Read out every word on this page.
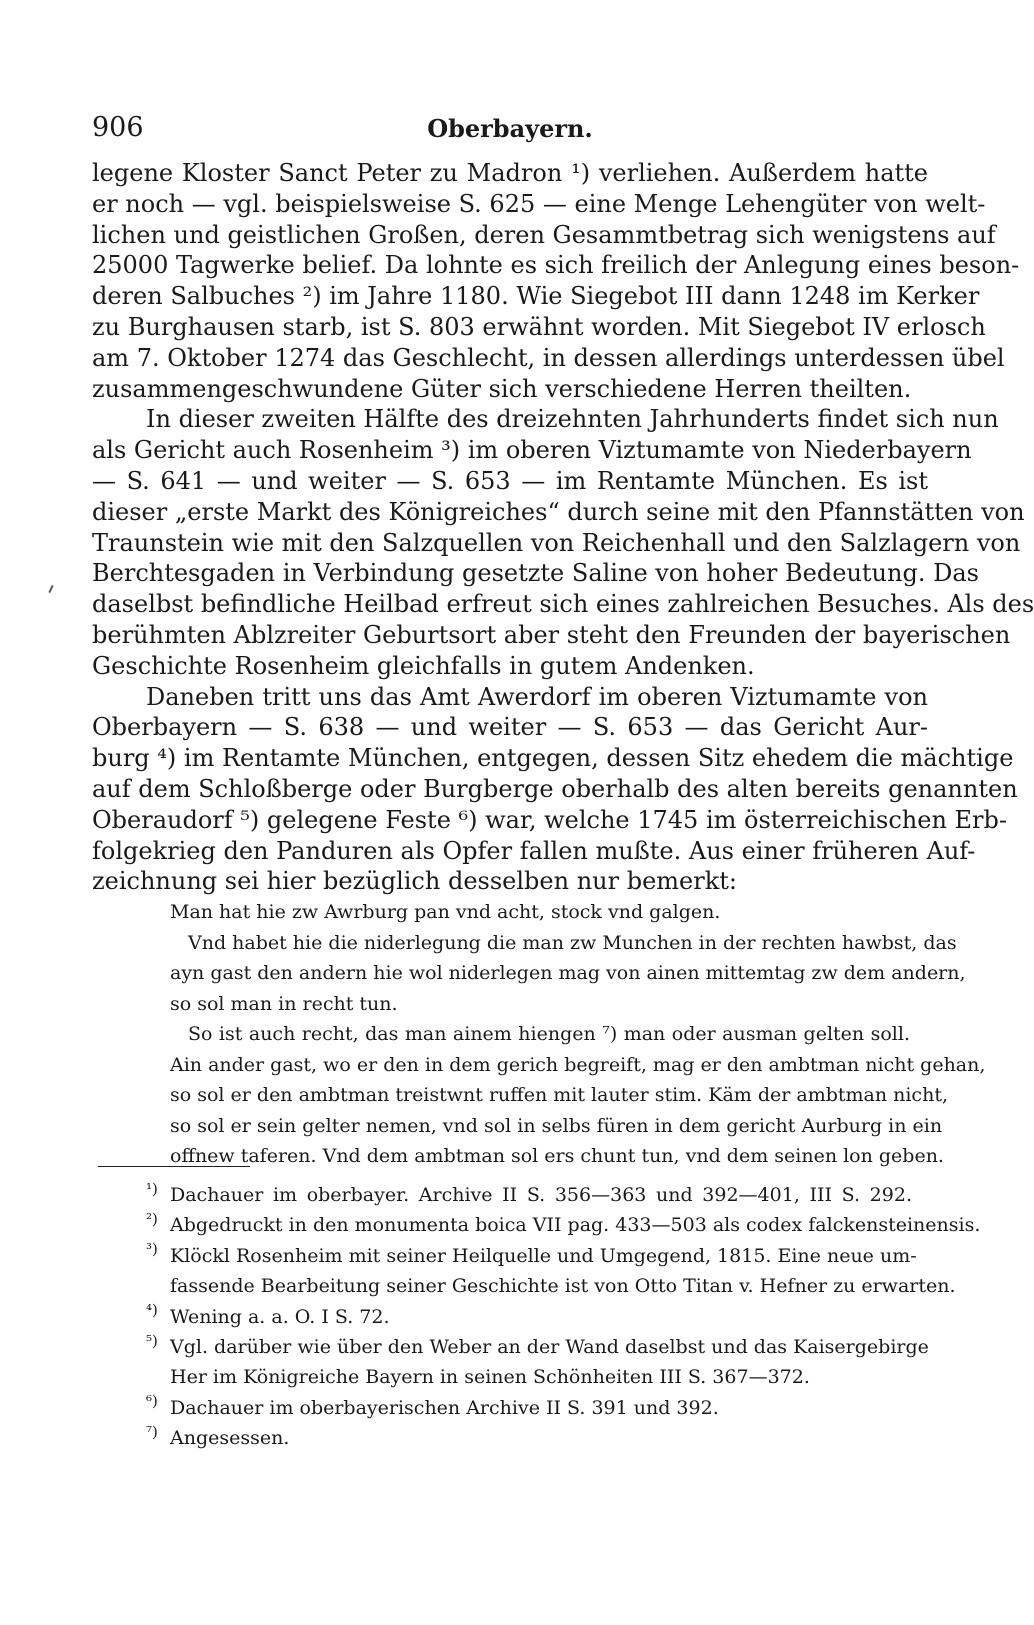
906	Oberbayern.
legene Kloster Sanct Peter zu Madron ¹) verliehen. Außerdem hatte
er noch — vgl. beispielsweise S. 625 — eine Menge Lehengüter von welt-
lichen und geistlichen Großen, deren Gesammtbetrag sich wenigstens auf
25000 Tagwerke belief. Da lohnte es sich freilich der Anlegung eines beson-
deren Salbuches ²) im Jahre 1180. Wie Siegebot III dann 1248 im Kerker
zu Burghausen starb, ist S. 803 erwähnt worden. Mit Siegebot IV erlosch
am 7. Oktober 1274 das Geschlecht, in dessen allerdings unterdessen übel
zusammengeschwundene Güter sich verschiedene Herren theilten.
In dieser zweiten Hälfte des dreizehnten Jahrhunderts findet sich nun
als Gericht auch Rosenheim ³) im oberen Viztumamte von Niederbayern
— S. 641 — und weiter — S. 653 — im Rentamte München. Es ist
dieser „erste Markt des Königreiches“ durch seine mit den Pfannstätten von
Traunstein wie mit den Salzquellen von Reichenhall und den Salzlagern von
Berchtesgaden in Verbindung gesetzte Saline von hoher Bedeutung. Das
daselbst befindliche Heilbad erfreut sich eines zahlreichen Besuches. Als des
berühmten Ablzreiter Geburtsort aber steht den Freunden der bayerischen
Geschichte Rosenheim gleichfalls in gutem Andenken.
Daneben tritt uns das Amt Awerdorf im oberen Viztumamte von
Oberbayern — S. 638 — und weiter — S. 653 — das Gericht Aur-
burg ⁴) im Rentamte München, entgegen, dessen Sitz ehedem die mächtige
auf dem Schloßberge oder Burgberge oberhalb des alten bereits genannten
Oberaudorf ⁵) gelegene Feste ⁶) war, welche 1745 im österreichischen Erb-
folgekrieg den Panduren als Opfer fallen mußte. Aus einer früheren Auf-
zeichnung sei hier bezüglich desselben nur bemerkt:
Man hat hie zw Awrburg pan vnd acht, stock vnd galgen.
Vnd habet hie die niderlegung die man zw Munchen in der rechten hawbst, das
ayn gast den andern hie wol niderlegen mag von ainen mittemtag zw dem andern,
so sol man in recht tun.
So ist auch recht, das man ainem hiengen ⁷) man oder ausman gelten soll.
Ain ander gast, wo er den in dem gerich begreift, mag er den ambtman nicht gehan,
so sol er den ambtman treistwnt ruffen mit lauter stim. Käm der ambtman nicht,
so sol er sein gelter nemen, vnd sol in selbs füren in dem gericht Aurburg in ein
offnew taferen. Vnd dem ambtman sol ers chunt tun, vnd dem seinen lon geben.
¹) Dachauer im oberbayer. Archive II S. 356—363 und 392—401, III S. 292.
²) Abgedruckt in den monumenta boica VII pag. 433—503 als codex falckensteinensis.
³) Klöckl Rosenheim mit seiner Heilquelle und Umgegend, 1815. Eine neue um-
fassende Bearbeitung seiner Geschichte ist von Otto Titan v. Hefner zu erwarten.
⁴) Wening a. a. O. I S. 72.
⁵) Vgl. darüber wie über den Weber an der Wand daselbst und das Kaisergebirge
Her im Königreiche Bayern in seinen Schönheiten III S. 367—372.
⁶) Dachauer im oberbayerischen Archive II S. 391 und 392.
⁷) Angesessen.
